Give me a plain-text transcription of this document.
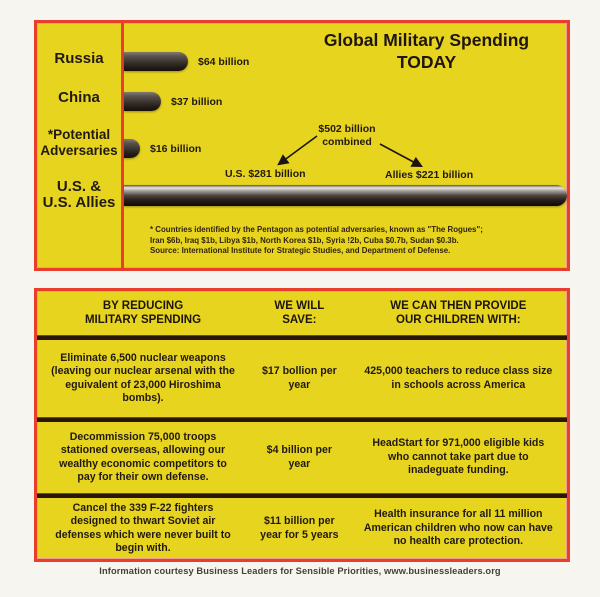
Russia
China
*Potential
Adversaries
U.S. &
U.S. Allies
Global Military Spending
TODAY
$64 billion
$37 billion
$16 billion
$502 billion
combined
U.S. $281 billion	Allies $221 billion
* Countries identified by the Pentagon as potential adversaries, known as "The Rogues";
Iran $6b, Iraq $1b, Libya $1b, North Korea $1b, Syria !2b, Cuba $0.7b, Sudan $0.3b.
Source: International Institute for Strategic Studies, and Department of Defense.
BY REDUCING
MILITARY SPENDING
WE WILL
SAVE:
WE CAN THEN PROVIDE
OUR CHILDREN WITH:
Eliminate 6,500 nuclear weapons (leaving our nuclear arsenal with the eguivalent of 23,000 Hiroshima bombs).
$17 bollion per year
425,000 teachers to reduce class size in schools across America
Decommission 75,000 troops stationed overseas, allowing our wealthy economic competitors to pay for their own defense.
$4 billion per year
HeadStart for 971,000 eligible kids who cannot take part due to inadeguate funding.
Cancel the 339 F-22 fighters designed to thwart Soviet air defenses which were never built to begin with.
$11 billion per year for 5 years
Health insurance for all 11 million American children who now can have no health care protection.
Information courtesy Business Leaders for Sensible Priorities, www.businessleaders.org
